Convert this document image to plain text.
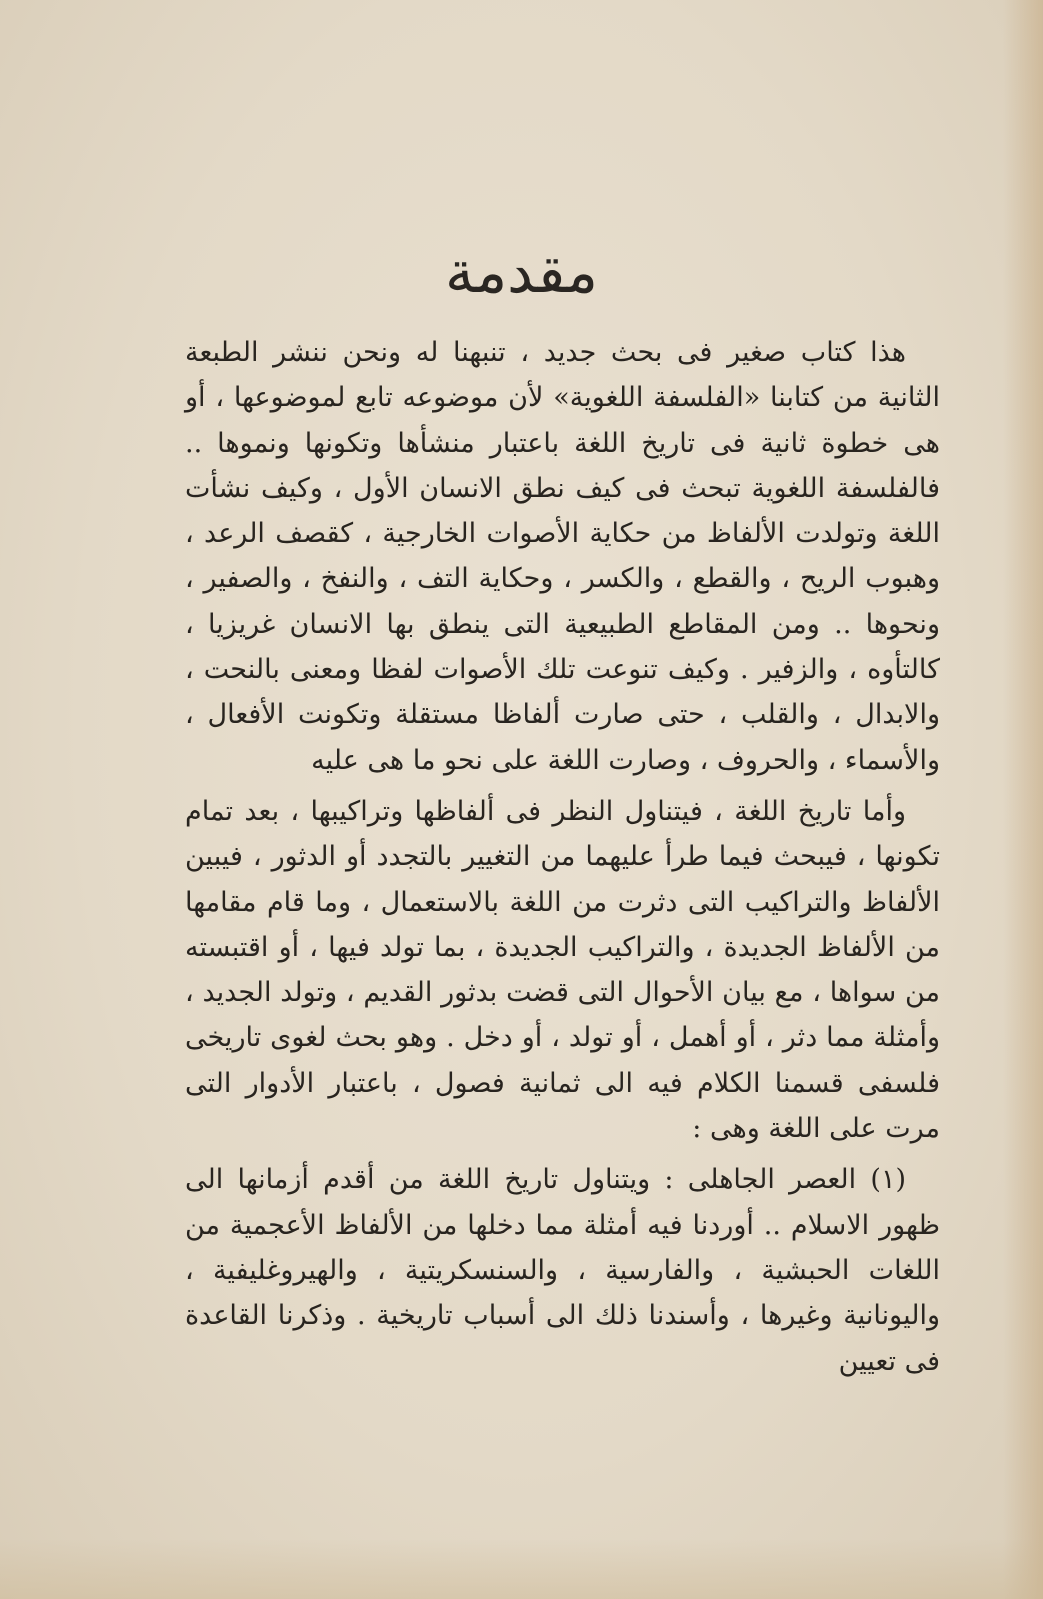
مقدمة

هذا كتاب صغير فى بحث جديد ، تنبهنا له ونحن ننشر الطبعة الثانية من كتابنا «الفلسفة اللغوية» لأن موضوعه تابع لموضوعها ، أو هى خطوة ثانية فى تاريخ اللغة باعتبار منشأها وتكونها ونموها .. فالفلسفة اللغوية تبحث فى كيف نطق الانسان الأول ، وكيف نشأت اللغة وتولدت الألفاظ من حكاية الأصوات الخارجية ، كقصف الرعد ، وهبوب الريح ، والقطع ، والكسر ، وحكاية التف ، والنفخ ، والصفير ، ونحوها .. ومن المقاطع الطبيعية التى ينطق بها الانسان غريزيا ، كالتأوه ، والزفير . وكيف تنوعت تلك الأصوات لفظا ومعنى بالنحت ، والابدال ، والقلب ، حتى صارت ألفاظا مستقلة وتكونت الأفعال ، والأسماء ، والحروف ، وصارت اللغة على نحو ما هى عليه

وأما تاريخ اللغة ، فيتناول النظر فى ألفاظها وتراكيبها ، بعد تمام تكونها ، فيبحث فيما طرأ عليهما من التغيير بالتجدد أو الدثور ، فيبين الألفاظ والتراكيب التى دثرت من اللغة بالاستعمال ، وما قام مقامها من الألفاظ الجديدة ، والتراكيب الجديدة ، بما تولد فيها ، أو اقتبسته من سواها ، مع بيان الأحوال التى قضت بدثور القديم ، وتولد الجديد ، وأمثلة مما دثر ، أو أهمل ، أو تولد ، أو دخل . وهو بحث لغوى تاريخى فلسفى قسمنا الكلام فيه الى ثمانية فصول ، باعتبار الأدوار التى مرت على اللغة وهى :

(١) العصر الجاهلى : ويتناول تاريخ اللغة من أقدم أزمانها الى ظهور الاسلام .. أوردنا فيه أمثلة مما دخلها من الألفاظ الأعجمية من اللغات الحبشية ، والفارسية ، والسنسكريتية ، والهيروغليفية ، واليونانية وغيرها ، وأسندنا ذلك الى أسباب تاريخية . وذكرنا القاعدة فى تعيين
